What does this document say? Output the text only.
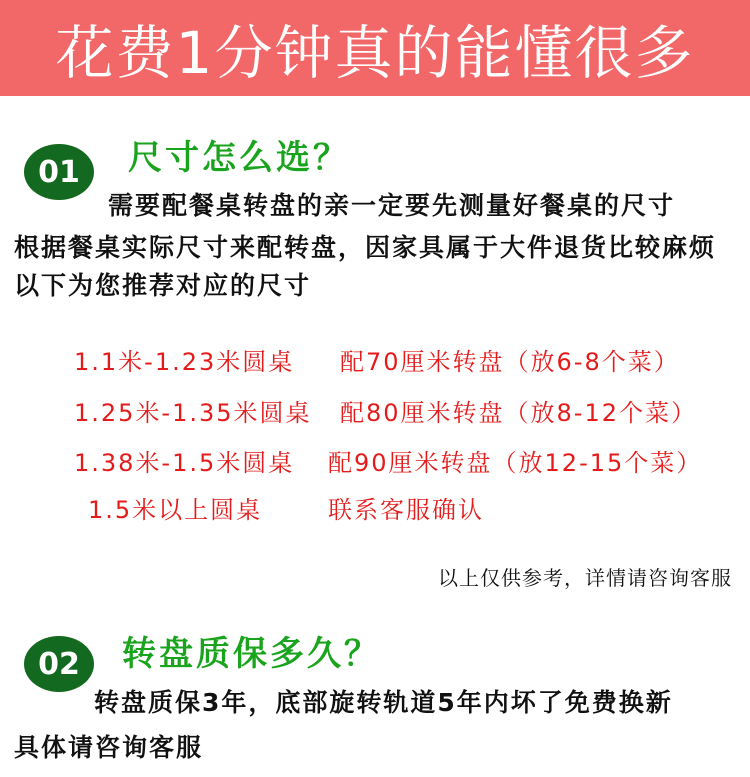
花费1分钟真的能懂很多
01	尺寸怎么选？
需要配餐桌转盘的亲一定要先测量好餐桌的尺寸
根据餐桌实际尺寸来配转盘，因家具属于大件退货比较麻烦
以下为您推荐对应的尺寸
1.1米-1.23米圆桌 配70厘米转盘（放6-8个菜）
1.25米-1.35米圆桌 配80厘米转盘（放8-12个菜）
1.38米-1.5米圆桌 配90厘米转盘（放12-15个菜）
1.5米以上圆桌	联系客服确认
以上仅供参考，详情请咨询客服
02	转盘质保多久？
转盘质保3年，底部旋转轨道5年内坏了免费换新
具体请咨询客服
